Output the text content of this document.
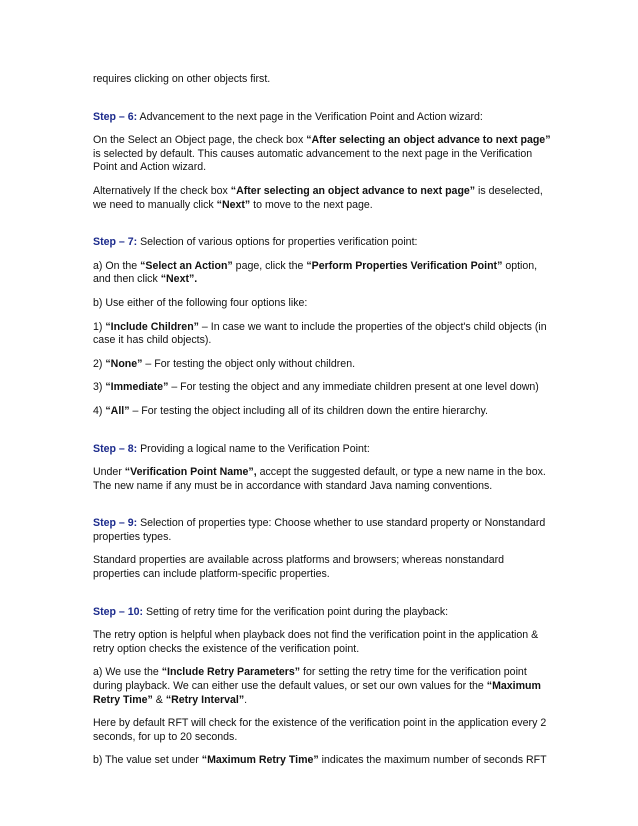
requires clicking on other objects first.

Step – 6: Advancement to the next page in the Verification Point and Action wizard:

On the Select an Object page, the check box “After selecting an object advance to next page” is selected by default. This causes automatic advancement to the next page in the Verification Point and Action wizard.

Alternatively If the check box “After selecting an object advance to next page” is deselected, we need to manually click “Next” to move to the next page.

Step – 7: Selection of various options for properties verification point:

a) On the “Select an Action” page, click the “Perform Properties Verification Point” option, and then click “Next”.

b) Use either of the following four options like:

1) “Include Children” – In case we want to include the properties of the object's child objects (in case it has child objects).

2) “None” – For testing the object only without children.

3) “Immediate” – For testing the object and any immediate children present at one level down)

4) “All” – For testing the object including all of its children down the entire hierarchy.

Step – 8: Providing a logical name to the Verification Point:

Under “Verification Point Name”, accept the suggested default, or type a new name in the box. The new name if any must be in accordance with standard Java naming conventions.

Step – 9: Selection of properties type: Choose whether to use standard property or Nonstandard properties types.

Standard properties are available across platforms and browsers; whereas nonstandard properties can include platform-specific properties.

Step – 10: Setting of retry time for the verification point during the playback:

The retry option is helpful when playback does not find the verification point in the application & retry option checks the existence of the verification point.

a) We use the “Include Retry Parameters” for setting the retry time for the verification point during playback. We can either use the default values, or set our own values for the “Maximum Retry Time” & “Retry Interval”.

Here by default RFT will check for the existence of the verification point in the application every 2 seconds, for up to 20 seconds.

b) The value set under “Maximum Retry Time” indicates the maximum number of seconds RFT
